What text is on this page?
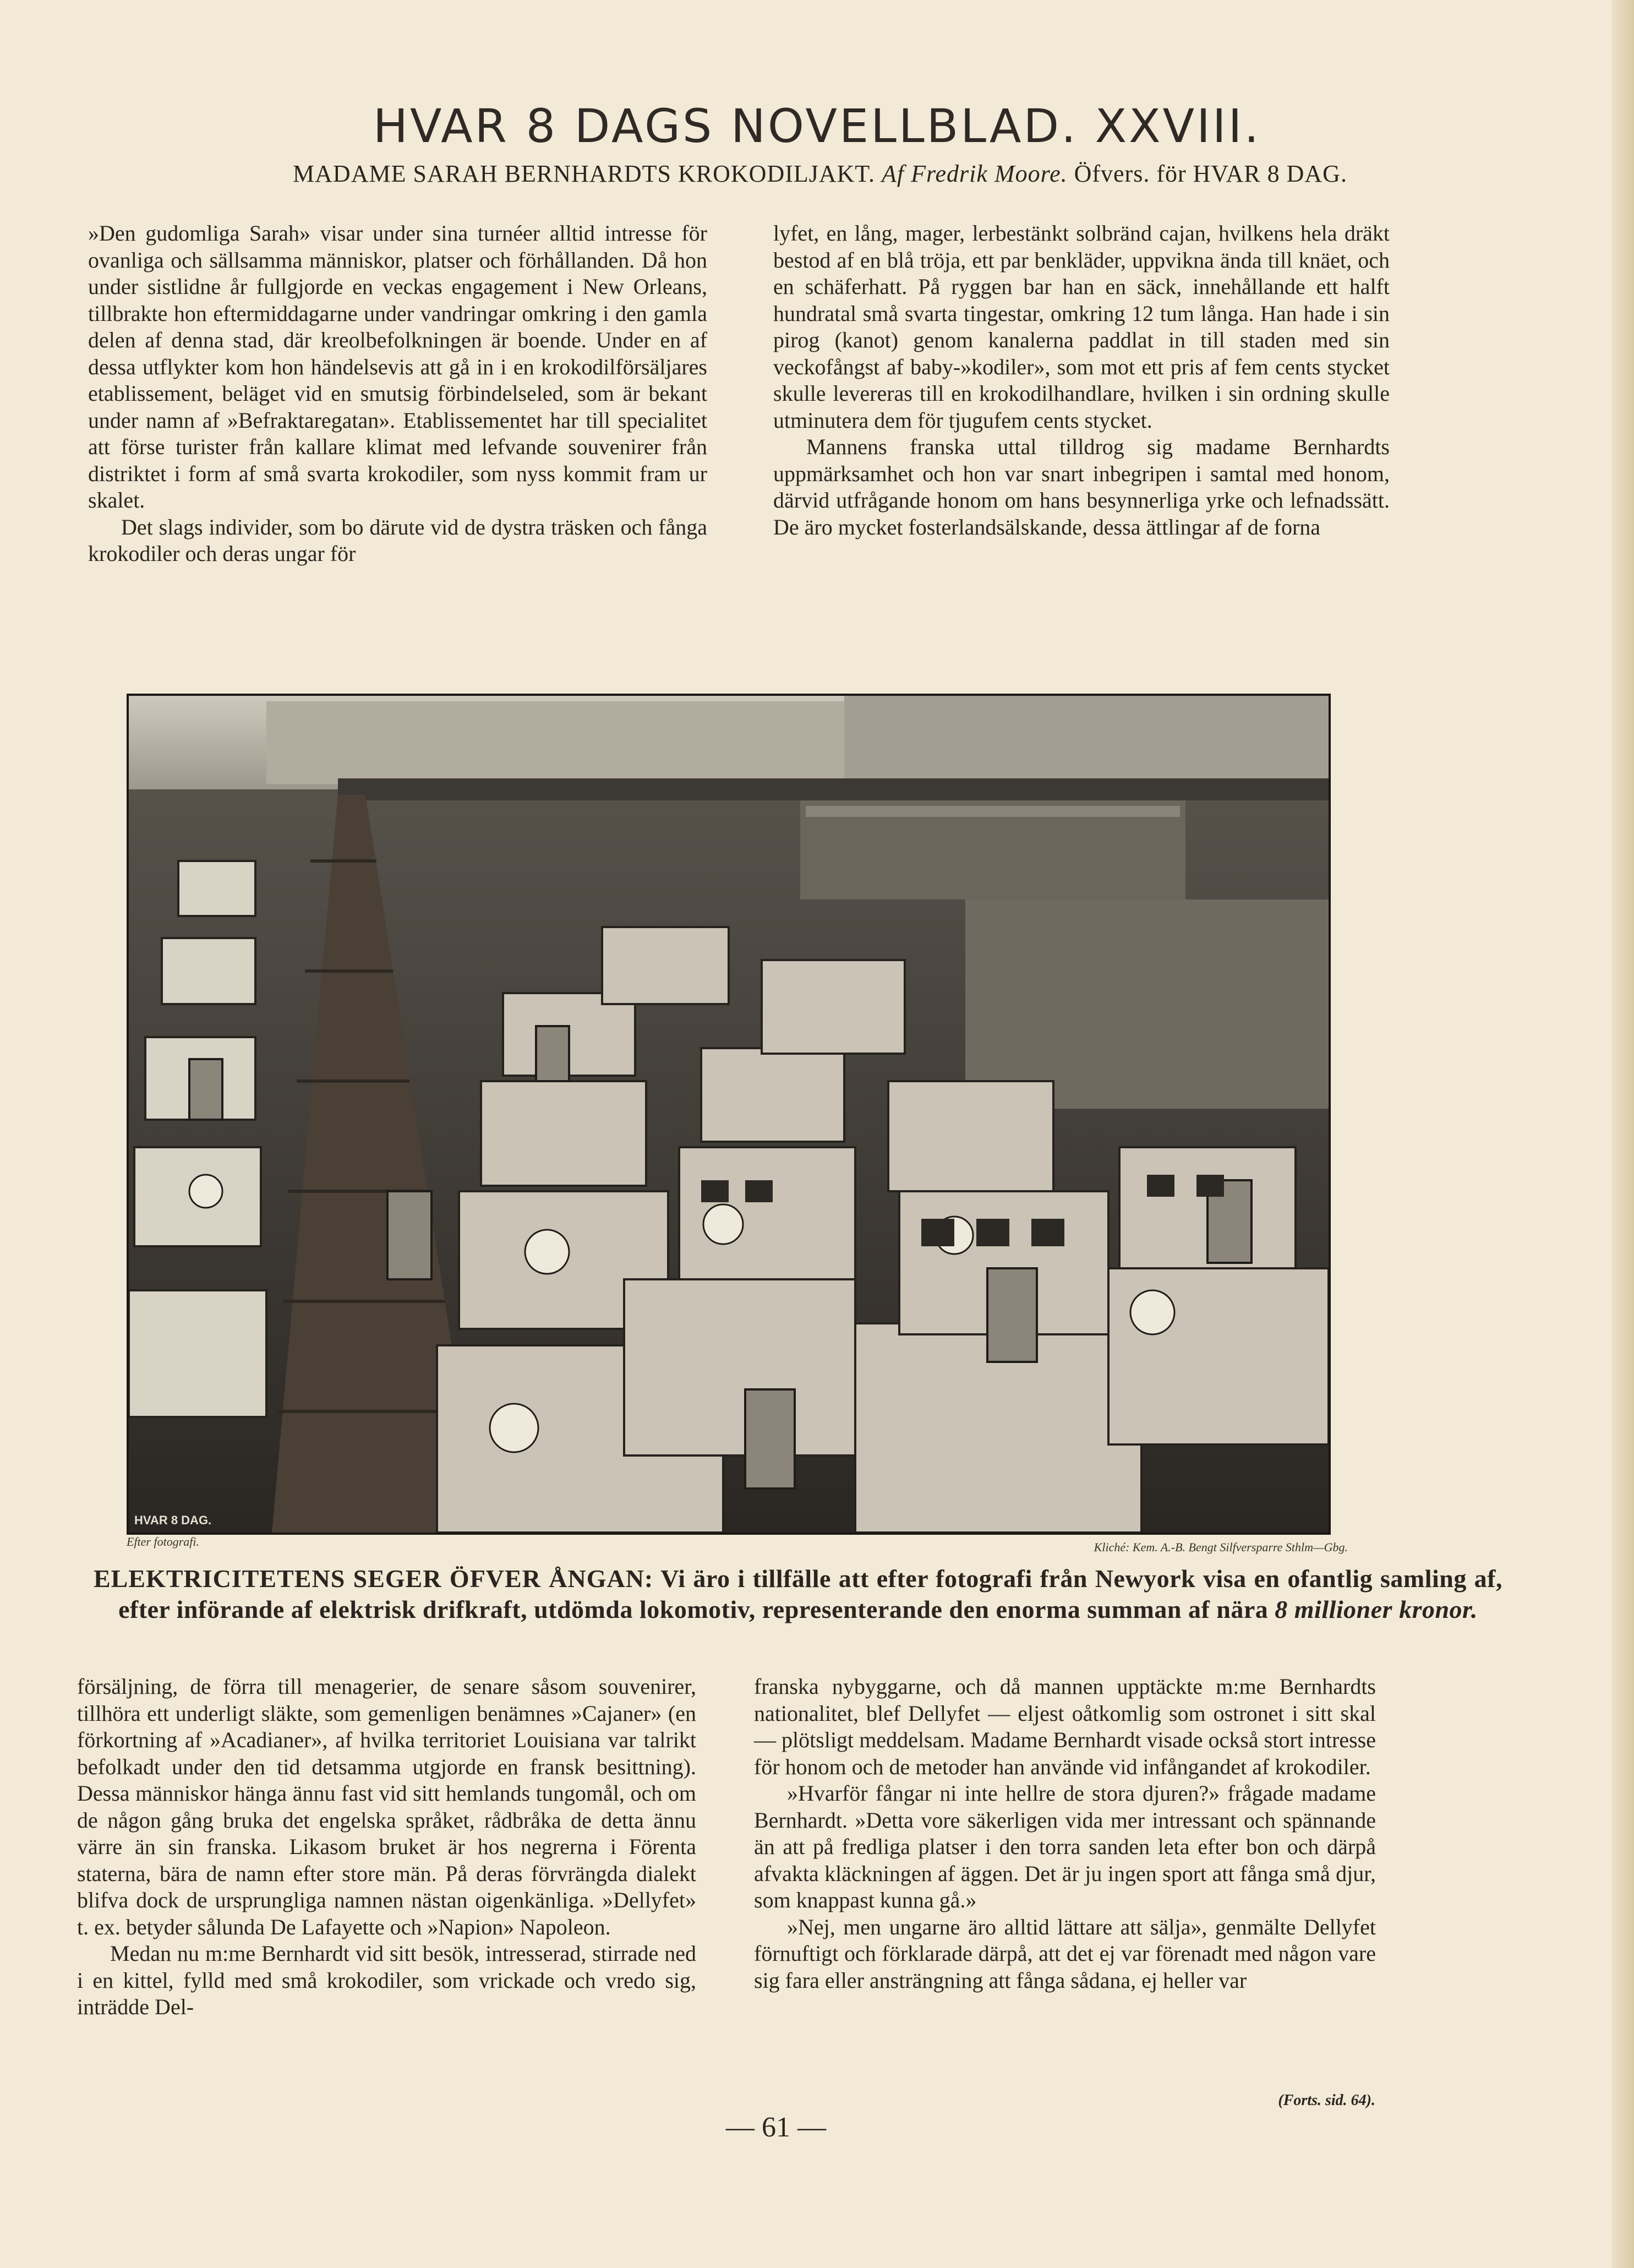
HVAR 8 DAGS NOVELLBLAD. XXVIII.
MADAME SARAH BERNHARDTS KROKODILJAKT. Af Fredrik Moore. Öfvers. för HVAR 8 DAG.

»Den gudomliga Sarah» visar under sina turnéer alltid intresse för ovanliga och sällsamma människor, platser och förhållanden. Då hon under sistlidne år fullgjorde en veckas engagement i New Orleans, tillbrakte hon eftermiddagarne under vandringar omkring i den gamla delen af denna stad, där kreolbefolkningen är boende. Under en af dessa utflykter kom hon händelsevis att gå in i en krokodilförsäljares etablissement, beläget vid en smutsig förbindelseled, som är bekant under namn af »Befraktaregatan». Etablissementet har till specialitet att förse turister från kallare klimat med lefvande souvenirer från distriktet i form af små svarta krokodiler, som nyss kommit fram ur skalet.

Det slags individer, som bo därute vid de dystra träsken och fånga krokodiler och deras ungar för

lyfet, en lång, mager, lerbestänkt solbränd cajan, hvilkens hela dräkt bestod af en blå tröja, ett par benkläder, uppvikna ända till knäet, och en schäferhatt. På ryggen bar han en säck, innehållande ett halft hundratal små svarta tingestar, omkring 12 tum långa. Han hade i sin pirog (kanot) genom kanalerna paddlat in till staden med sin veckofångst af baby-»kodiler», som mot ett pris af fem cents stycket skulle levereras till en krokodilhandlare, hvilken i sin ordning skulle utminutera dem för tjugufem cents stycket.

Mannens franska uttal tilldrog sig madame Bernhardts uppmärksamhet och hon var snart inbegripen i samtal med honom, därvid utfrågande honom om hans besynnerliga yrke och lefnadssätt. De äro mycket fosterlandsälskande, dessa ättlingar af de forna

HVAR 8 DAG.
Efter fotografi.	Kliché: Kem. A.-B. Bengt Silfversparre Sthlm—Gbg.
ELEKTRICITETENS SEGER ÖFVER ÅNGAN: Vi äro i tillfälle att efter fotografi från Newyork visa en ofantlig samling af, efter införande af elektrisk drifkraft, utdömda lokomotiv, representerande den enorma summan af nära 8 millioner kronor.

försäljning, de förra till menagerier, de senare såsom souvenirer, tillhöra ett underligt släkte, som gemenligen benämnes »Cajaner» (en förkortning af »Acadianer», af hvilka territoriet Louisiana var talrikt befolkadt under den tid detsamma utgjorde en fransk besittning). Dessa människor hänga ännu fast vid sitt hemlands tungomål, och om de någon gång bruka det engelska språket, rådbråka de detta ännu värre än sin franska. Likasom bruket är hos negrerna i Förenta staterna, bära de namn efter store män. På deras förvrängda dialekt blifva dock de ursprungliga namnen nästan oigenkänliga. »Dellyfet» t. ex. betyder sålunda De Lafayette och »Napion» Napoleon.

Medan nu m:me Bernhardt vid sitt besök, intresserad, stirrade ned i en kittel, fylld med små krokodiler, som vrickade och vredo sig, inträdde Del-

franska nybyggarne, och då mannen upptäckte m:me Bernhardts nationalitet, blef Dellyfet — eljest oåtkomlig som ostronet i sitt skal — plötsligt meddelsam. Madame Bernhardt visade också stort intresse för honom och de metoder han använde vid infångandet af krokodiler.

»Hvarför fångar ni inte hellre de stora djuren?» frågade madame Bernhardt. »Detta vore säkerligen vida mer intressant och spännande än att på fredliga platser i den torra sanden leta efter bon och därpå afvakta kläckningen af äggen. Det är ju ingen sport att fånga små djur, som knappast kunna gå.»

»Nej, men ungarne äro alltid lättare att sälja», genmälte Dellyfet förnuftigt och förklarade därpå, att det ej var förenadt med någon vare sig fara eller ansträngning att fånga sådana, ej heller var

(Forts. sid. 64).
— 61 —
